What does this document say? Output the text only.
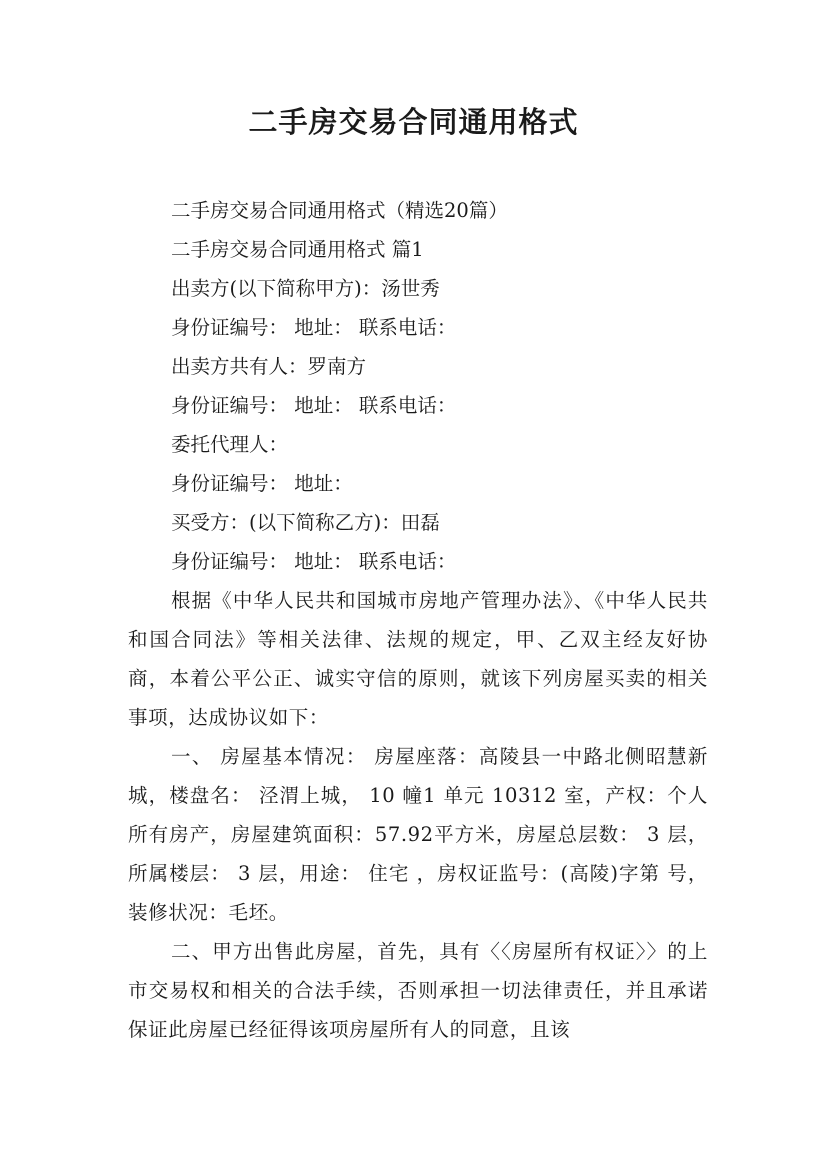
二手房交易合同通用格式

二手房交易合同通用格式（精选20篇）

二手房交易合同通用格式 篇1

出卖方(以下简称甲方)：汤世秀

身份证编号： 地址： 联系电话：

出卖方共有人：罗南方

身份证编号： 地址： 联系电话：

委托代理人：

身份证编号： 地址：

买受方：(以下简称乙方)：田磊

身份证编号： 地址： 联系电话：

根据《中华人民共和国城市房地产管理办法》、《中华人民共和国合同法》等相关法律、法规的规定，甲、乙双主经友好协商，本着公平公正、诚实守信的原则，就该下列房屋买卖的相关事项，达成协议如下：

一、 房屋基本情况： 房屋座落：高陵县一中路北侧昭慧新城，楼盘名： 泾渭上城， 10 幢1 单元 10312 室，产权：个人所有房产，房屋建筑面积：57.92平方米，房屋总层数： 3 层，所属楼层： 3 层，用途： 住宅 ，房权证监号：(高陵)字第 号，装修状况：毛坯。

二、甲方出售此房屋，首先，具有〈〈房屋所有权证〉〉的上市交易权和相关的合法手续，否则承担一切法律责任，并且承诺保证此房屋已经征得该项房屋所有人的同意，且该
